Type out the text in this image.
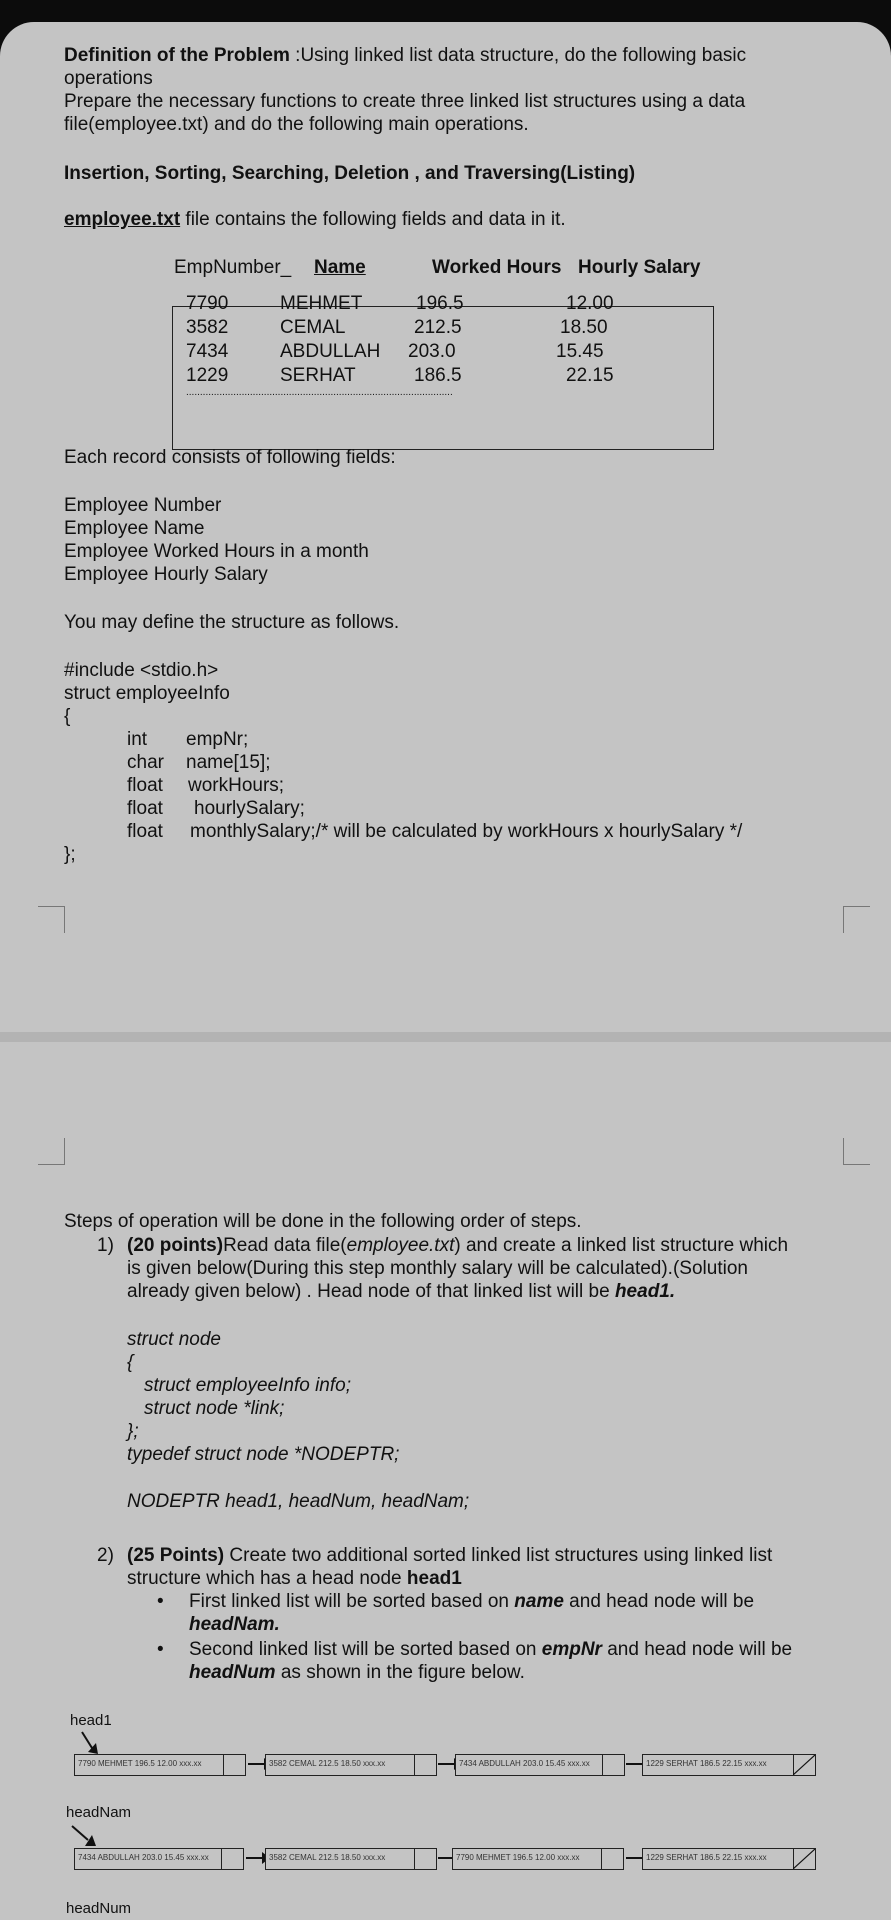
Definition of the Problem :Using linked list data structure, do the following basic
operations
Prepare the necessary functions to create three linked list structures using a data
file(employee.txt) and do the following main operations.
Insertion, Sorting, Searching, Deletion , and Traversing(Listing)
employee.txt file contains the following fields and data in it.
EmpNumber_ Name	Worked Hours Hourly Salary
7790	MEHMET	196.5	12.00
3582	CEMAL	212.5	18.50
7434	ABDULLAH 203.0	15.45
1229	SERHAT	186.5	22.15
................................................................................................
Each record consists of following fields:
Employee Number
Employee Name
Employee Worked Hours in a month
Employee Hourly Salary
You may define the structure as follows.
#include <stdio.h>
struct employeeInfo
{
int empNr;
char name[15];
float workHours;
float hourlySalary;
float monthlySalary;/* will be calculated by workHours x hourlySalary */
};
Steps of operation will be done in the following order of steps.
1) (20 points)Read data file(employee.txt) and create a linked list structure which
is given below(During this step monthly salary will be calculated).(Solution
already given below) . Head node of that linked list will be head1.
struct node
{
struct employeeInfo info;
struct node *link;
};
typedef struct node *NODEPTR;
NODEPTR head1, headNum, headNam;
2) (25 Points) Create two additional sorted linked list structures using linked list
structure which has a head node head1
• First linked list will be sorted based on name and head node will be
headNam.
• Second linked list will be sorted based on empNr and head node will be
headNum as shown in the figure below.
head1
7790 MEHMET 196.5 12.00 xxx.xx	3582 CEMAL 212.5 18.50 xxx.xx	7434 ABDULLAH 203.0 15.45 xxx.xx	1229 SERHAT 186.5 22.15 xxx.xx
headNam
7434 ABDULLAH 203.0 15.45 xxx.xx	3582 CEMAL 212.5 18.50 xxx.xx	7790 MEHMET 196.5 12.00 xxx.xx	1229 SERHAT 186.5 22.15 xxx.xx
headNum
